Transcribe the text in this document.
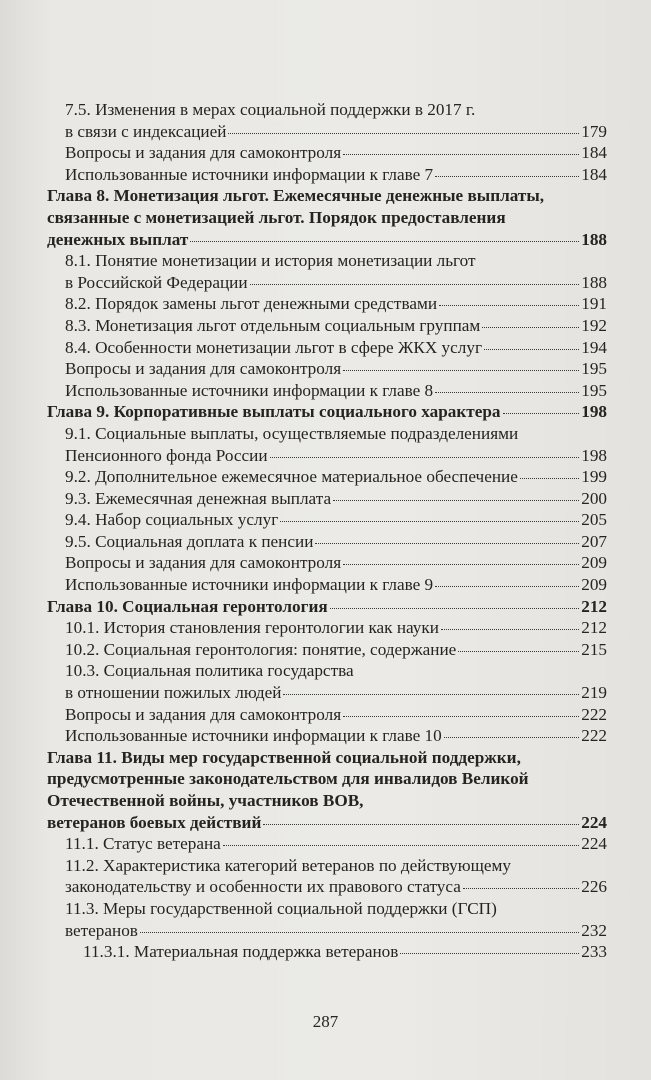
7.5. Изменения в мерах социальной поддержки в 2017 г.
в связи с индексацией	179
Вопросы и задания для самоконтроля	184
Использованные источники информации к главе 7	184
Глава 8. Монетизация льгот. Ежемесячные денежные выплаты,
связанные с монетизацией льгот. Порядок предоставления
денежных выплат	188
8.1. Понятие монетизации и история монетизации льгот
в Российской Федерации	188
8.2. Порядок замены льгот денежными средствами	191
8.3. Монетизация льгот отдельным социальным группам	192
8.4. Особенности монетизации льгот в сфере ЖКХ услуг	194
Вопросы и задания для самоконтроля	195
Использованные источники информации к главе 8	195
Глава 9. Корпоративные выплаты социального характера	198
9.1. Социальные выплаты, осуществляемые подразделениями
Пенсионного фонда России	198
9.2. Дополнительное ежемесячное материальное обеспечение	199
9.3. Ежемесячная денежная выплата	200
9.4. Набор социальных услуг	205
9.5. Социальная доплата к пенсии	207
Вопросы и задания для самоконтроля	209
Использованные источники информации к главе 9	209
Глава 10. Социальная геронтология	212
10.1. История становления геронтологии как науки	212
10.2. Социальная геронтология: понятие, содержание	215
10.3. Социальная политика государства
в отношении пожилых людей	219
Вопросы и задания для самоконтроля	222
Использованные источники информации к главе 10	222
Глава 11. Виды мер государственной социальной поддержки,
предусмотренные законодательством для инвалидов Великой
Отечественной войны, участников ВОВ,
ветеранов боевых действий	224
11.1. Статус ветерана	224
11.2. Характеристика категорий ветеранов по действующему
законодательству и особенности их правового статуса	226
11.3. Меры государственной социальной поддержки (ГСП)
ветеранов	232
11.3.1. Материальная поддержка ветеранов	233
287
